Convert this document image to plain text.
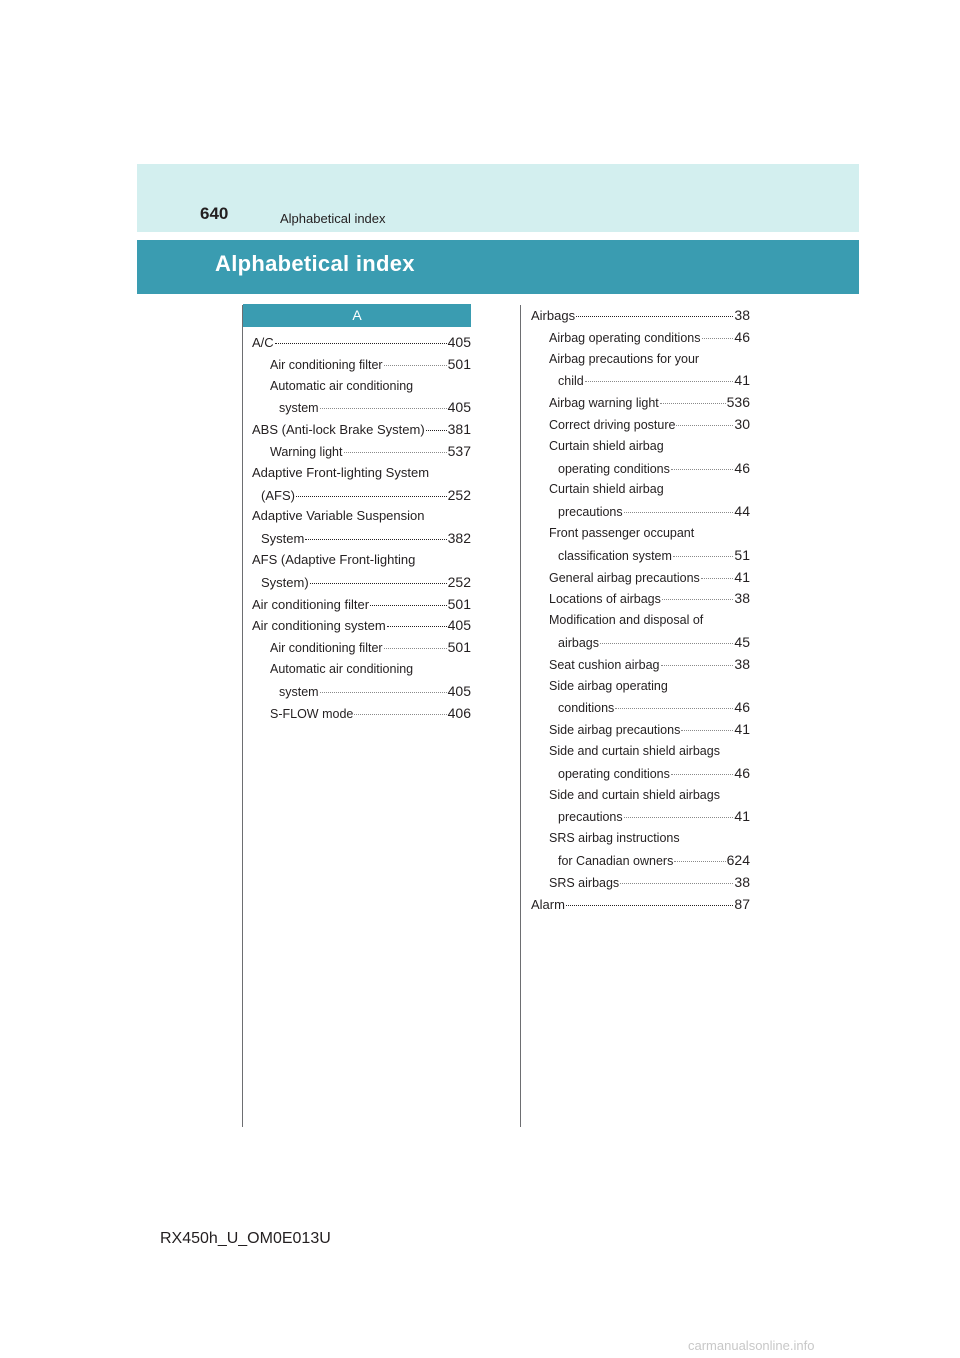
640	Alphabetical index
Alphabetical index
A
A/C	405
Air conditioning filter	501
Automatic air conditioning
system	405
ABS (Anti-lock Brake System) 381
Warning light	537
Adaptive Front-lighting System
(AFS)	252
Adaptive Variable Suspension
System	382
AFS (Adaptive Front-lighting
System)	252
Air conditioning filter	501
Air conditioning system	405
Air conditioning filter	501
Automatic air conditioning
system	405
S-FLOW mode	406
Airbags	38
Airbag operating conditions 46
Airbag precautions for your
child	41
Airbag warning light	536
Correct driving posture	30
Curtain shield airbag
operating conditions	46
Curtain shield airbag
precautions	44
Front passenger occupant
classification system	51
General airbag precautions 41
Locations of airbags	38
Modification and disposal of
airbags	45
Seat cushion airbag	38
Side airbag operating
conditions	46
Side airbag precautions	41
Side and curtain shield airbags
operating conditions	46
Side and curtain shield airbags
precautions	41
SRS airbag instructions
for Canadian owners	624
SRS airbags	38
Alarm	87
RX450h_U_OM0E013U
carmanualsonline.info
